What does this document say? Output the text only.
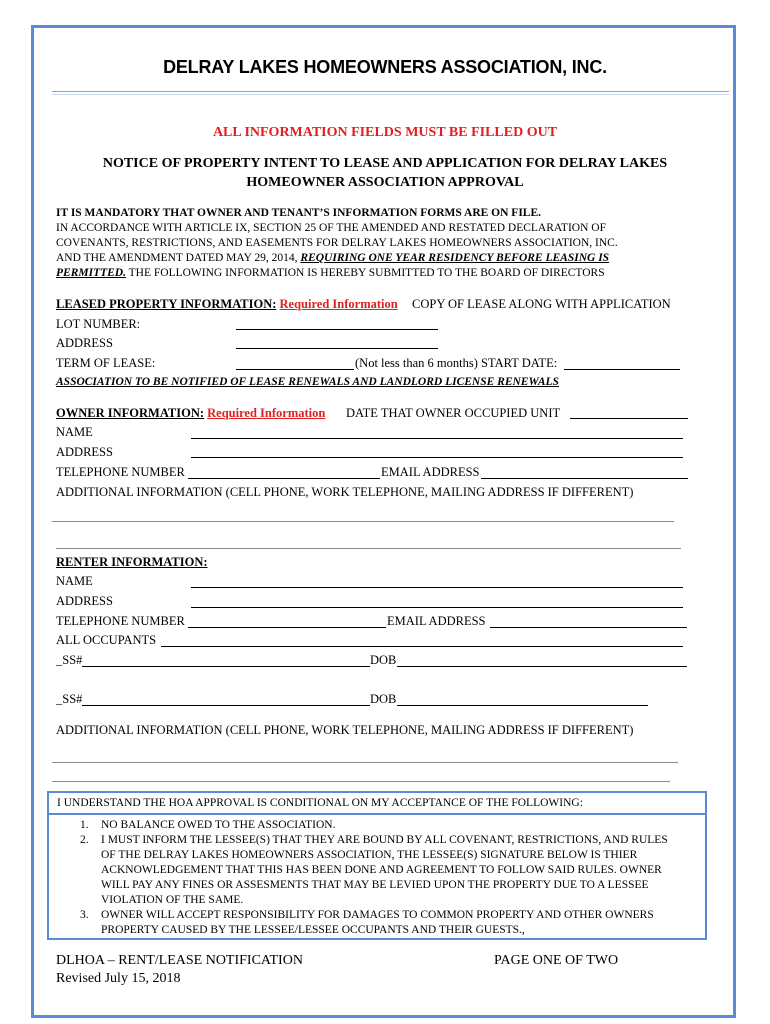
DELRAY LAKES HOMEOWNERS ASSOCIATION, INC.
ALL INFORMATION FIELDS MUST BE FILLED OUT
NOTICE OF PROPERTY INTENT TO LEASE AND APPLICATION FOR DELRAY LAKES
HOMEOWNER ASSOCIATION APPROVAL
IT IS MANDATORY THAT OWNER AND TENANT’S INFORMATION FORMS ARE ON FILE.
IN ACCORDANCE WITH ARTICLE IX, SECTION 25 OF THE AMENDED AND RESTATED DECLARATION OF
COVENANTS, RESTRICTIONS, AND EASEMENTS FOR DELRAY LAKES HOMEOWNERS ASSOCIATION, INC.
AND THE AMENDMENT DATED MAY 29, 2014, REQUIRING ONE YEAR RESIDENCY BEFORE LEASING IS
PERMITTED. THE FOLLOWING INFORMATION IS HEREBY SUBMITTED TO THE BOARD OF DIRECTORS
LEASED PROPERTY INFORMATION: Required Information COPY OF LEASE ALONG WITH APPLICATION
LOT NUMBER:
ADDRESS
TERM OF LEASE:	(Not less than 6 months) START DATE:
ASSOCIATION TO BE NOTIFIED OF LEASE RENEWALS AND LANDLORD LICENSE RENEWALS
OWNER INFORMATION: Required Information DATE THAT OWNER OCCUPIED UNIT
NAME
ADDRESS
TELEPHONE NUMBER	EMAIL ADDRESS
ADDITIONAL INFORMATION (CELL PHONE, WORK TELEPHONE, MAILING ADDRESS IF DIFFERENT)
RENTER INFORMATION:
NAME
ADDRESS
TELEPHONE NUMBER	EMAIL ADDRESS
ALL OCCUPANTS
_SS#	DOB
_SS#	DOB
ADDITIONAL INFORMATION (CELL PHONE, WORK TELEPHONE, MAILING ADDRESS IF DIFFERENT)
I UNDERSTAND THE HOA APPROVAL IS CONDITIONAL ON MY ACCEPTANCE OF THE FOLLOWING:
1. NO BALANCE OWED TO THE ASSOCIATION.
2. I MUST INFORM THE LESSEE(S) THAT THEY ARE BOUND BY ALL COVENANT, RESTRICTIONS, AND RULES OF THE DELRAY LAKES HOMEOWNERS ASSOCIATION, THE LESSEE(S) SIGNATURE BELOW IS THIER ACKNOWLEDGEMENT THAT THIS HAS BEEN DONE AND AGREEMENT TO FOLLOW SAID RULES. OWNER WILL PAY ANY FINES OR ASSESMENTS THAT MAY BE LEVIED UPON THE PROPERTY DUE TO A LESSEE VIOLATION OF THE SAME.
3. OWNER WILL ACCEPT RESPONSIBILITY FOR DAMAGES TO COMMON PROPERTY AND OTHER OWNERS PROPERTY CAUSED BY THE LESSEE/LESSEE OCCUPANTS AND THEIR GUESTS.,
DLHOA – RENT/LEASE NOTIFICATION
Revised July 15, 2018
PAGE ONE OF TWO
